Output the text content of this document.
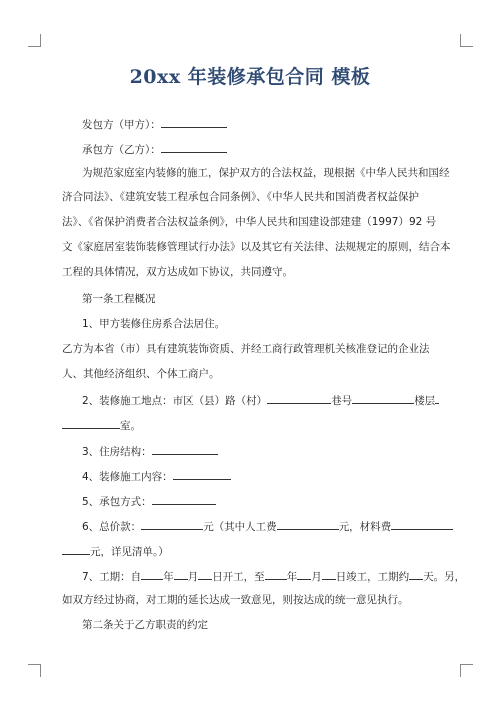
20xx 年装修承包合同 模板
发包方（甲方）：
承包方（乙方）：
为规范家庭室内装修的施工，保护双方的合法权益，现根据《中华人民共和国经
济合同法》、《建筑安装工程承包合同条例》、《中华人民共和国消费者权益保护
法》、《省保护消费者合法权益条例》，中华人民共和国建设部建建（1997）92 号
文《家庭居室装饰装修管理试行办法》以及其它有关法律、法规规定的原则，结合本
工程的具体情况，双方达成如下协议，共同遵守。
第一条工程概况
1、甲方装修住房系合法居住。
乙方为本省（市）具有建筑装饰资质、并经工商行政管理机关核准登记的企业法
人、其他经济组织、个体工商户。
2、装修施工地点：市区（县）路（村）	巷号	楼层
室。
3、住房结构：
4、装修施工内容：
5、承包方式：
6、总价款：	元（其中人工费	元，材料费
元，详见清单。）
7、工期：自 年 月 日开工，至 年 月 日竣工，工期约 天。另，
如双方经过协商，对工期的延长达成一致意见，则按达成的统一意见执行。
第二条关于乙方职责的约定
